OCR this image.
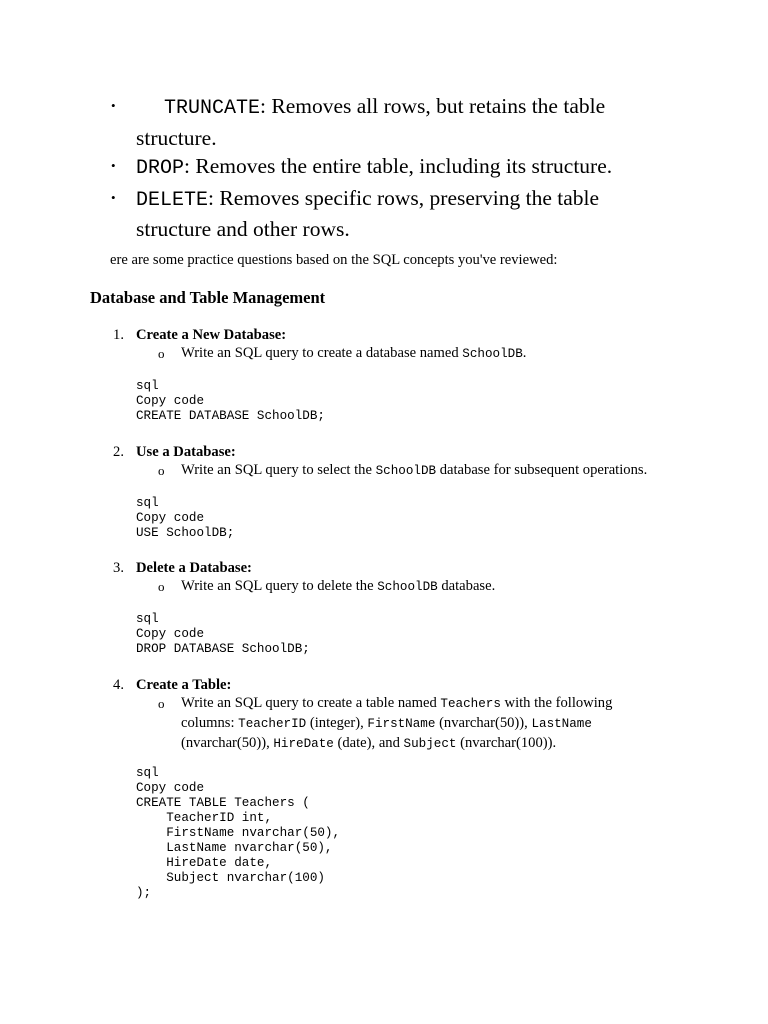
• TRUNCATE: Removes all rows, but retains the table structure.
• DROP: Removes the entire table, including its structure.
• DELETE: Removes specific rows, preserving the table structure and other rows.

ere are some practice questions based on the SQL concepts you've reviewed:

Database and Table Management
1. Create a New Database:
o Write an SQL query to create a database named SchoolDB.
sql
Copy code
CREATE DATABASE SchoolDB;
2. Use a Database:
o Write an SQL query to select the SchoolDB database for subsequent operations.
sql
Copy code
USE SchoolDB;
3. Delete a Database:
o Write an SQL query to delete the SchoolDB database.
sql
Copy code
DROP DATABASE SchoolDB;
4. Create a Table:
o Write an SQL query to create a table named Teachers with the following columns: TeacherID (integer), FirstName (nvarchar(50)), LastName (nvarchar(50)), HireDate (date), and Subject (nvarchar(100)).
sql
Copy code
CREATE TABLE Teachers (
TeacherID int,
FirstName nvarchar(50),
LastName nvarchar(50),
HireDate date,
Subject nvarchar(100)
);
